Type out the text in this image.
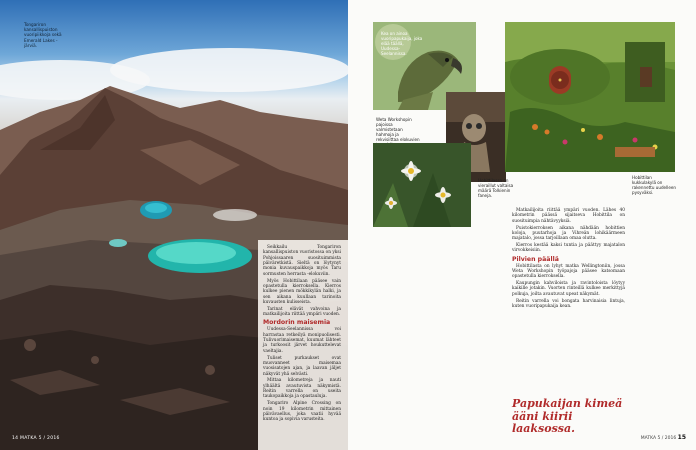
Tongariron kansallispuiston vuoripiikkoja sekä Emerald Lakes -järviä.

Seikkailu Tongariron kansallispuiston vuoristossa on yksi Pohjoissaaren suosituimmista päiväretkistä. Sieltä on löytynyt monia kuvauspaikkoja myös Taru sormusten herrasta -elokuviin.

Myös Hobittilaan pääsee vain opastetulla kierroksella. Kierros kulkee pienen mökkikylän halki, ja sen aikana kuullaan tarinoita kuvausten kulisseista.

Tarinat elävät vahvoina ja matkailijoita riittää ympäri vuoden.

Mordorin maisemia

Uudessa-Seelannissa voi harrastaa retkeilyä monipuolisesti. Tulivuorimaisemat, kuumat lähteet ja turkoosit järvet houkuttelevat vaeltajia.

Tuliset purkaukset ovat muovanneet maisemaa vuosisatojen ajan, ja laavan jäljet näkyvät yhä selvästi.

Mittaa kilometreja ja nauti ylhäältä avautuvista näkymistä. Reitin varrella on useita taukopaikkoja ja opastauluja.

Tongariro Alpine Crossing on noin 19 kilometrin mittainen päivävaellus, joka vaatii hyvää kuntoa ja sopivia varusteita.

14 MATKA 5 / 2016
Kea on ainoa vuoripapukaija, joka elää täällä, Uudessa-Seelannissa.
Weta Workshopin pajoissa valmistetaan hahmoja ja rekvisiittaa elokuvien
Hobittilassa on vieraillut valtaisa määrä Tolkienin faneja.
Hobittilan kukkulakylä on rakennettu uudelleen pysyväksi.

Matkailijoita riittää ympäri vuoden. Lähes 40 kilometrin päässä sijaitseva Hobittila on suosituimpia nähtävyyksiä.

Puistokierroksen aikana nähdään hobittien koloja, puutarhoja ja Vihreän lohikäärmeen majatalo, jossa tarjoillaan omaa olutta.

Kierros kestää kaksi tuntia ja päättyy majatalon virvokkeisiin.

Pilvien päällä

Hobittilasta on lyhyt matka Wellingtoniin, jossa Weta Workshopin työpajoja pääsee katsomaan opastetulla kierroksella.

Kaupungin kahviloista ja ravintoloista löytyy kaikille jotakin. Vuorten rinteillä kulkee merkittyjä polkuja, joilta avautuvat upeat näkymät.

Reitin varrella voi bongata harvinaisia lintuja, kuten vuoripapukaija kean.

Papukaijan kimeä ääni kiirii laaksossa.
MATKA 5 / 2016 15
